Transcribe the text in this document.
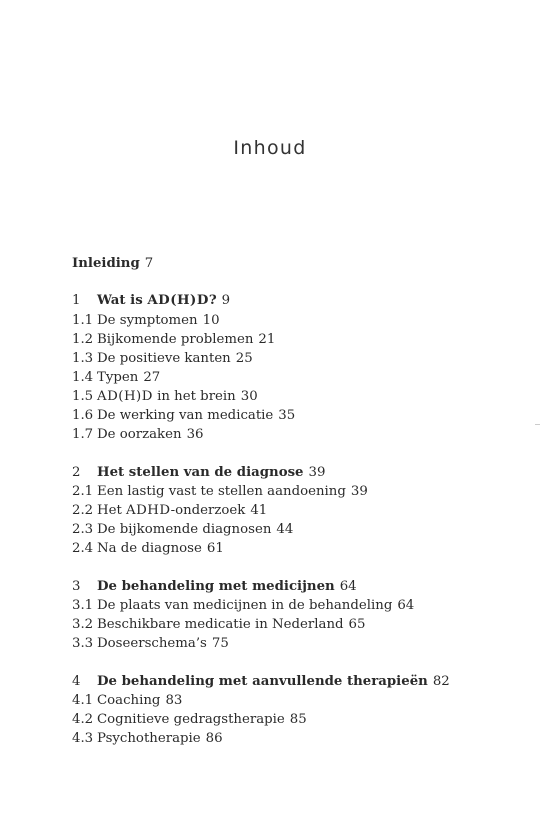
Inhoud
Inleiding 7
1 Wat is AD(H)D? 9
1.1 De symptomen 10
1.2 Bijkomende problemen 21
1.3 De positieve kanten 25
1.4 Typen 27
1.5 AD(H)D in het brein 30
1.6 De werking van medicatie 35
1.7 De oorzaken 36
2 Het stellen van de diagnose 39
2.1 Een lastig vast te stellen aandoening 39
2.2 Het ADHD-onderzoek 41
2.3 De bijkomende diagnosen 44
2.4 Na de diagnose 61
3 De behandeling met medicijnen 64
3.1 De plaats van medicijnen in de behandeling 64
3.2 Beschikbare medicatie in Nederland 65
3.3 Doseerschema’s 75
4 De behandeling met aanvullende therapieën 82
4.1 Coaching 83
4.2 Cognitieve gedragstherapie 85
4.3 Psychotherapie 86
